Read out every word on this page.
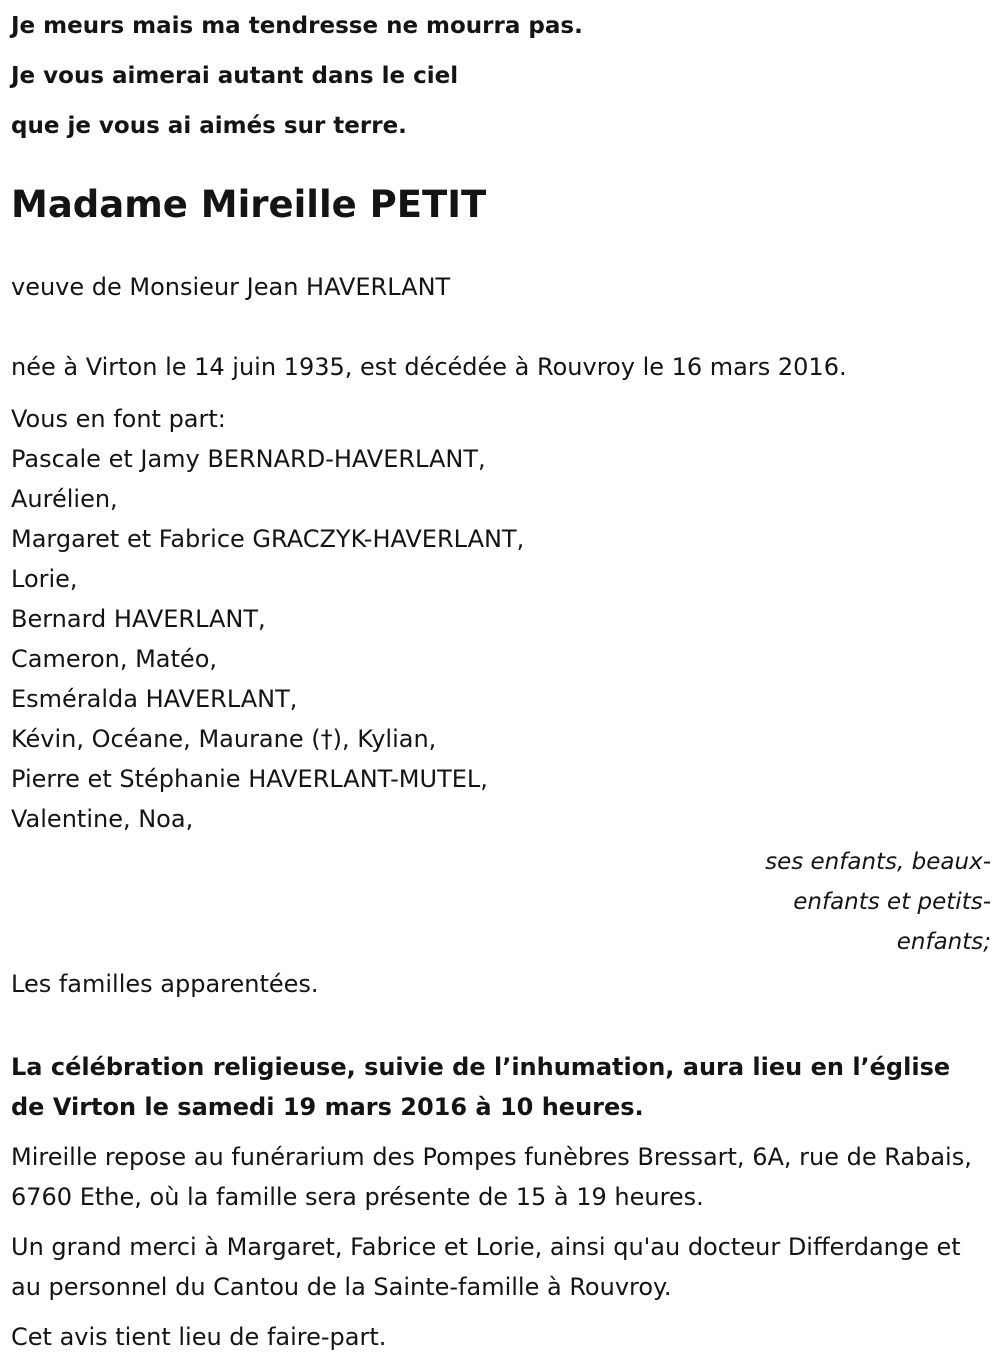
Je meurs mais ma tendresse ne mourra pas.
Je vous aimerai autant dans le ciel
que je vous ai aimés sur terre.
Madame Mireille PETIT
veuve de Monsieur Jean HAVERLANT
née à Virton le 14 juin 1935, est décédée à Rouvroy le 16 mars 2016.
Vous en font part:
Pascale et Jamy BERNARD-HAVERLANT,
Aurélien,
Margaret et Fabrice GRACZYK-HAVERLANT,
Lorie,
Bernard HAVERLANT,
Cameron, Matéo,
Esméralda HAVERLANT,
Kévin, Océane, Maurane (†), Kylian,
Pierre et Stéphanie HAVERLANT-MUTEL,
Valentine, Noa,
ses enfants, beaux-
enfants et petits-
enfants;
Les familles apparentées.
La célébration religieuse, suivie de l’inhumation, aura lieu en l’église de Virton le samedi 19 mars 2016 à 10 heures.
Mireille repose au funérarium des Pompes funèbres Bressart, 6A, rue de Rabais, 6760 Ethe, où la famille sera présente de 15 à 19 heures.
Un grand merci à Margaret, Fabrice et Lorie, ainsi qu'au docteur Differdange et au personnel du Cantou de la Sainte-famille à Rouvroy.
Cet avis tient lieu de faire-part.
